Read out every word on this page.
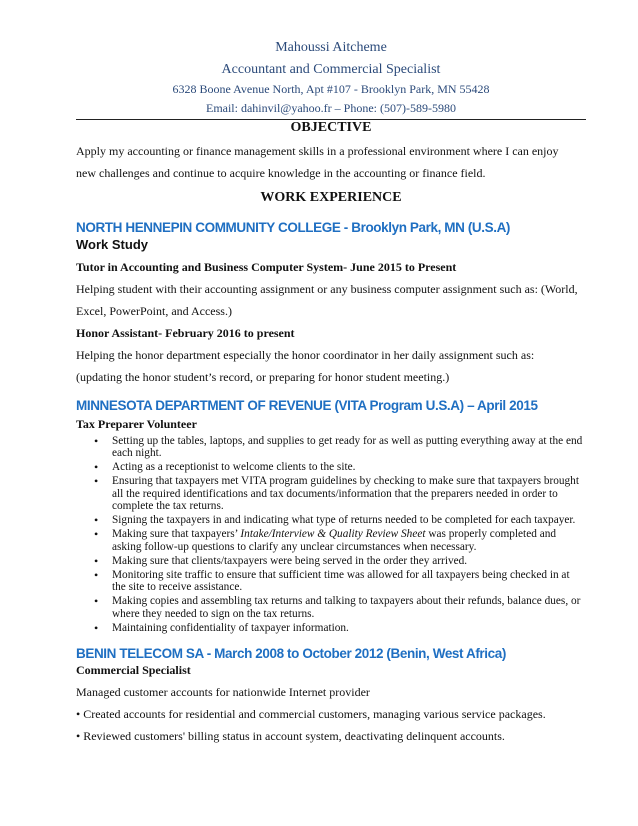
Mahoussi Aitcheme
Accountant and Commercial Specialist
6328 Boone Avenue North, Apt #107 - Brooklyn Park, MN 55428
Email: dahinvil@yahoo.fr – Phone: (507)-589-5980
OBJECTIVE

Apply my accounting or finance management skills in a professional environment where I can enjoy

new challenges and continue to acquire knowledge in the accounting or finance field.

WORK EXPERIENCE

NORTH HENNEPIN COMMUNITY COLLEGE - Brooklyn Park, MN (U.S.A)

Work Study

Tutor in Accounting and Business Computer System- June 2015 to Present

Helping student with their accounting assignment or any business computer assignment such as: (World,

Excel, PowerPoint, and Access.)

Honor Assistant- February 2016 to present

Helping the honor department especially the honor coordinator in her daily assignment such as:

(updating the honor student’s record, or preparing for honor student meeting.)

MINNESOTA DEPARTMENT OF REVENUE (VITA Program U.S.A) – April 2015

Tax Preparer Volunteer

• Setting up the tables, laptops, and supplies to get ready for as well as putting everything away at the end each night.
• Acting as a receptionist to welcome clients to the site.
• Ensuring that taxpayers met VITA program guidelines by checking to make sure that taxpayers brought all the required identifications and tax documents/information that the preparers needed in order to complete the tax returns.
• Signing the taxpayers in and indicating what type of returns needed to be completed for each taxpayer.
• Making sure that taxpayers’ Intake/Interview & Quality Review Sheet was properly completed and asking follow-up questions to clarify any unclear circumstances when necessary.
• Making sure that clients/taxpayers were being served in the order they arrived.
• Monitoring site traffic to ensure that sufficient time was allowed for all taxpayers being checked in at the site to receive assistance.
• Making copies and assembling tax returns and talking to taxpayers about their refunds, balance dues, or where they needed to sign on the tax returns.
• Maintaining confidentiality of taxpayer information.

BENIN TELECOM SA - March 2008 to October 2012 (Benin, West Africa)

Commercial Specialist

Managed customer accounts for nationwide Internet provider

• Created accounts for residential and commercial customers, managing various service packages.

• Reviewed customers' billing status in account system, deactivating delinquent accounts.
